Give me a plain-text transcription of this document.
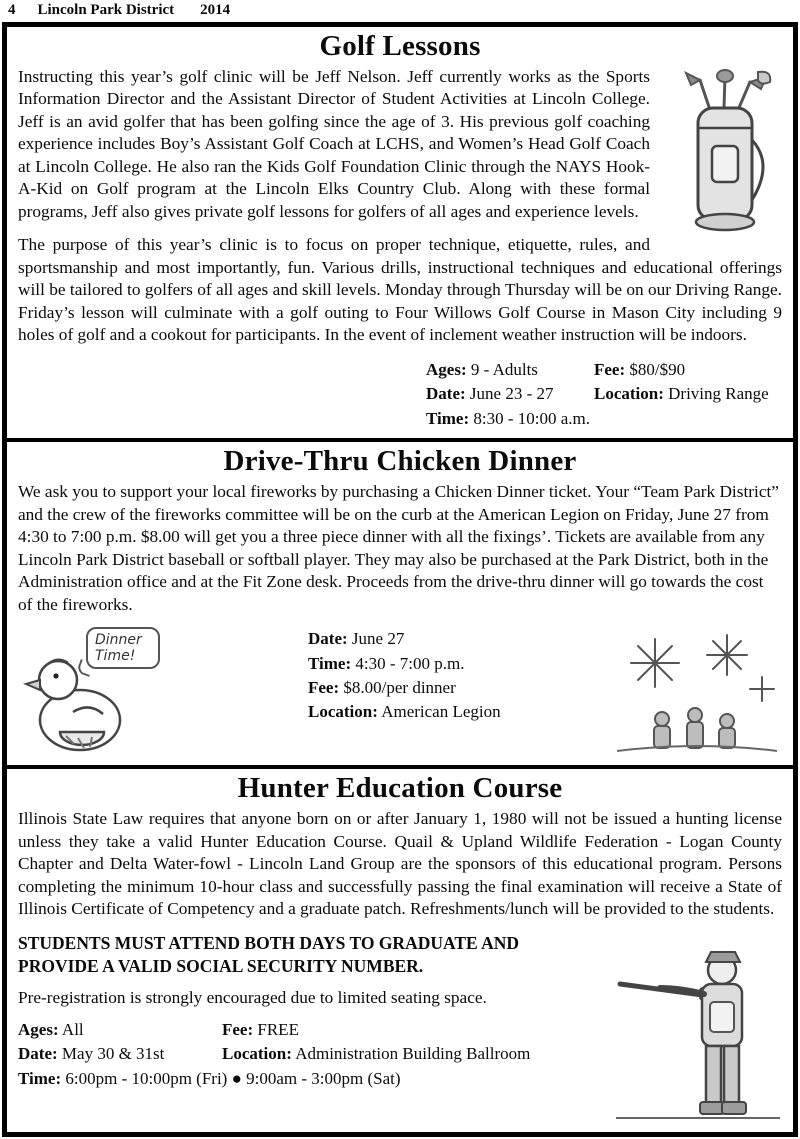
4 Lincoln Park District 2014
Golf Lessons

Instructing this year’s golf clinic will be Jeff Nelson. Jeff currently works as the Sports Information Director and the Assistant Director of Student Activities at Lincoln College. Jeff is an avid golfer that has been golfing since the age of 3. His previous golf coaching experience includes Boy’s Assistant Golf Coach at LCHS, and Women’s Head Golf Coach at Lincoln College. He also ran the Kids Golf Foundation Clinic through the NAYS Hook-A-Kid on Golf program at the Lincoln Elks Country Club. Along with these formal programs, Jeff also gives private golf lessons for golfers of all ages and experience levels.

The purpose of this year’s clinic is to focus on proper technique, etiquette, rules, and sportsmanship and most importantly, fun. Various drills, instructional techniques and educational offerings will be tailored to golfers of all ages and skill levels. Monday through Thursday will be on our Driving Range. Friday’s lesson will culminate with a golf outing to Four Willows Golf Course in Mason City including 9 holes of golf and a cookout for participants. In the event of inclement weather instruction will be indoors.

Ages: 9 - Adults	Fee: $80/$90
Date: June 23 - 27	Location: Driving Range
Time: 8:30 - 10:00 a.m.
Drive-Thru Chicken Dinner

We ask you to support your local fireworks by purchasing a Chicken Dinner ticket. Your “Team Park District” and the crew of the fireworks committee will be on the curb at the American Legion on Friday, June 27 from 4:30 to 7:00 p.m. $8.00 will get you a three piece dinner with all the fixings’. Tickets are available from any Lincoln Park District baseball or softball player. They may also be purchased at the Park District, both in the Administration office and at the Fit Zone desk. Proceeds from the drive-thru dinner will go towards the cost of the fireworks.

Dinner Time!
Date: June 27
Time: 4:30 - 7:00 p.m.
Fee: $8.00/per dinner
Location: American Legion
Hunter Education Course

Illinois State Law requires that anyone born on or after January 1, 1980 will not be issued a hunting license unless they take a valid Hunter Education Course. Quail & Upland Wildlife Federation - Logan County Chapter and Delta Water-fowl - Lincoln Land Group are the sponsors of this educational program. Persons completing the minimum 10-hour class and successfully passing the final examination will receive a State of Illinois Certificate of Competency and a graduate patch. Refreshments/lunch will be provided to the students.

STUDENTS MUST ATTEND BOTH DAYS TO GRADUATE AND PROVIDE A VALID SOCIAL SECURITY NUMBER.

Pre-registration is strongly encouraged due to limited seating space.

Ages: All	Fee: FREE
Date: May 30 & 31st	Location: Administration Building Ballroom
Time: 6:00pm - 10:00pm (Fri) ● 9:00am - 3:00pm (Sat)
